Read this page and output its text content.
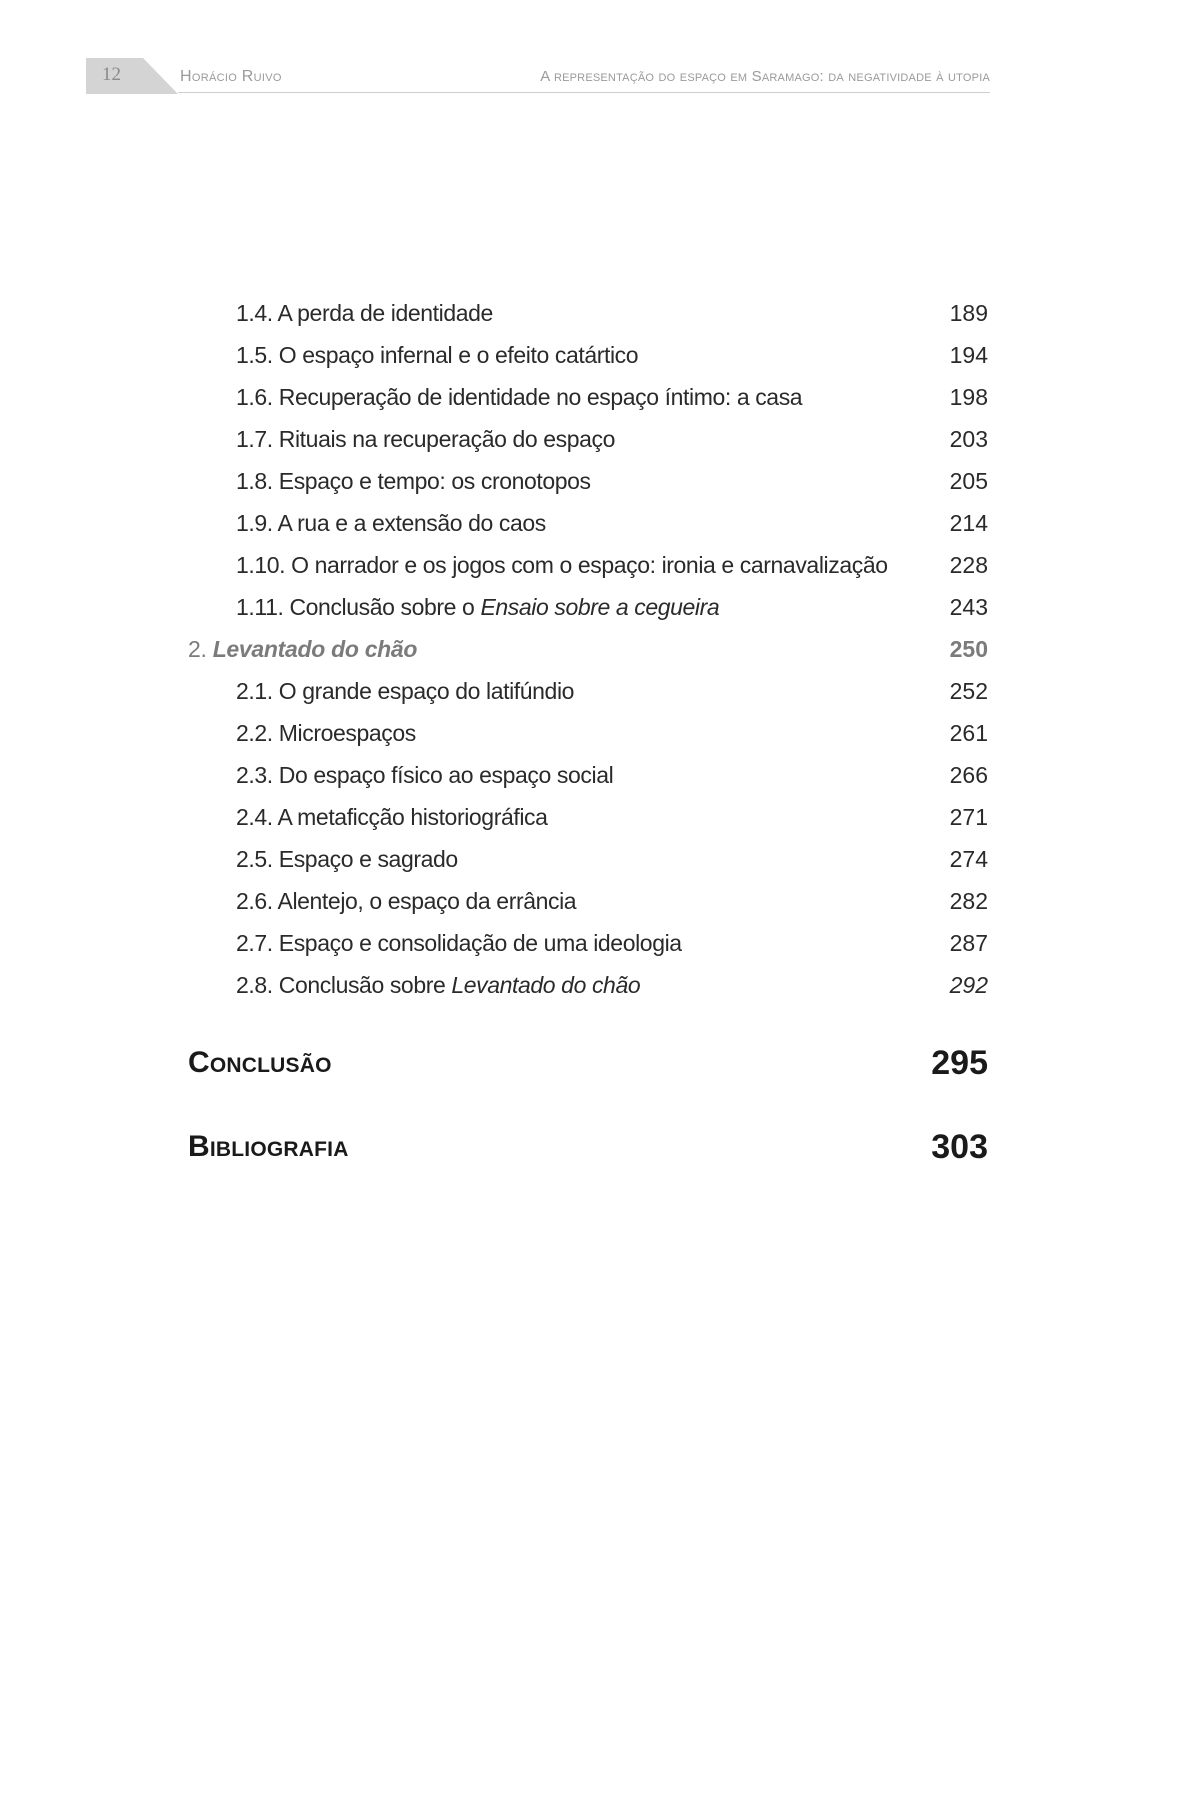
12	Horácio Ruivo	A representação do espaço em Saramago: da negatividade à utopia
1.4. A perda de identidade	189
1.5. O espaço infernal e o efeito catártico	194
1.6. Recuperação de identidade no espaço íntimo: a casa	198
1.7. Rituais na recuperação do espaço	203
1.8. Espaço e tempo: os cronotopos	205
1.9. A rua e a extensão do caos	214
1.10. O narrador e os jogos com o espaço: ironia e carnavalização	228
1.11. Conclusão sobre o Ensaio sobre a cegueira	243
2. Levantado do chão	250
2.1. O grande espaço do latifúndio	252
2.2. Microespaços	261
2.3. Do espaço físico ao espaço social	266
2.4. A metaficção historiográfica	271
2.5. Espaço e sagrado	274
2.6. Alentejo, o espaço da errância	282
2.7. Espaço e consolidação de uma ideologia	287
2.8. Conclusão sobre Levantado do chão	292
Conclusão	295
Bibliografia	303
